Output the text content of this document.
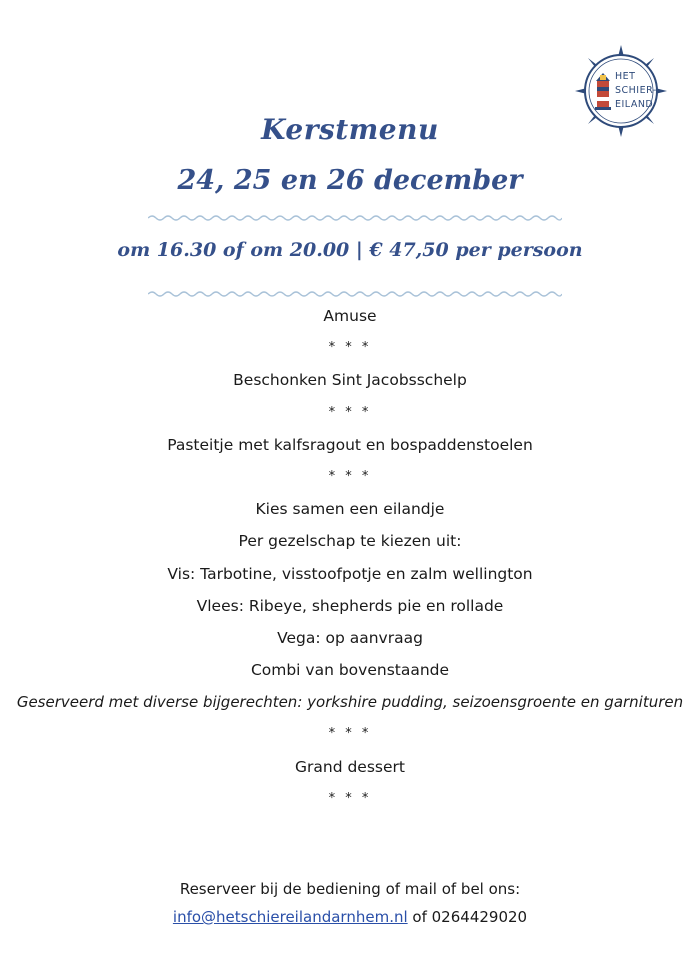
HET
SCHIER-
EILAND
Kerstmenu
24, 25 en 26 december
om 16.30 of om 20.00 | € 47,50 per persoon
Amuse
* * *
Beschonken Sint Jacobsschelp
* * *
Pasteitje met kalfsragout en bospaddenstoelen
* * *
Kies samen een eilandje
Per gezelschap te kiezen uit:
Vis: Tarbotine, visstoofpotje en zalm wellington
Vlees: Ribeye, shepherds pie en rollade
Vega: op aanvraag
Combi van bovenstaande
Geserveerd met diverse bijgerechten: yorkshire pudding, seizoensgroente en garnituren
* * *
Grand dessert
* * *
Reserveer bij de bediening of mail of bel ons:
info@hetschiereilandarnhem.nl of 0264429020
